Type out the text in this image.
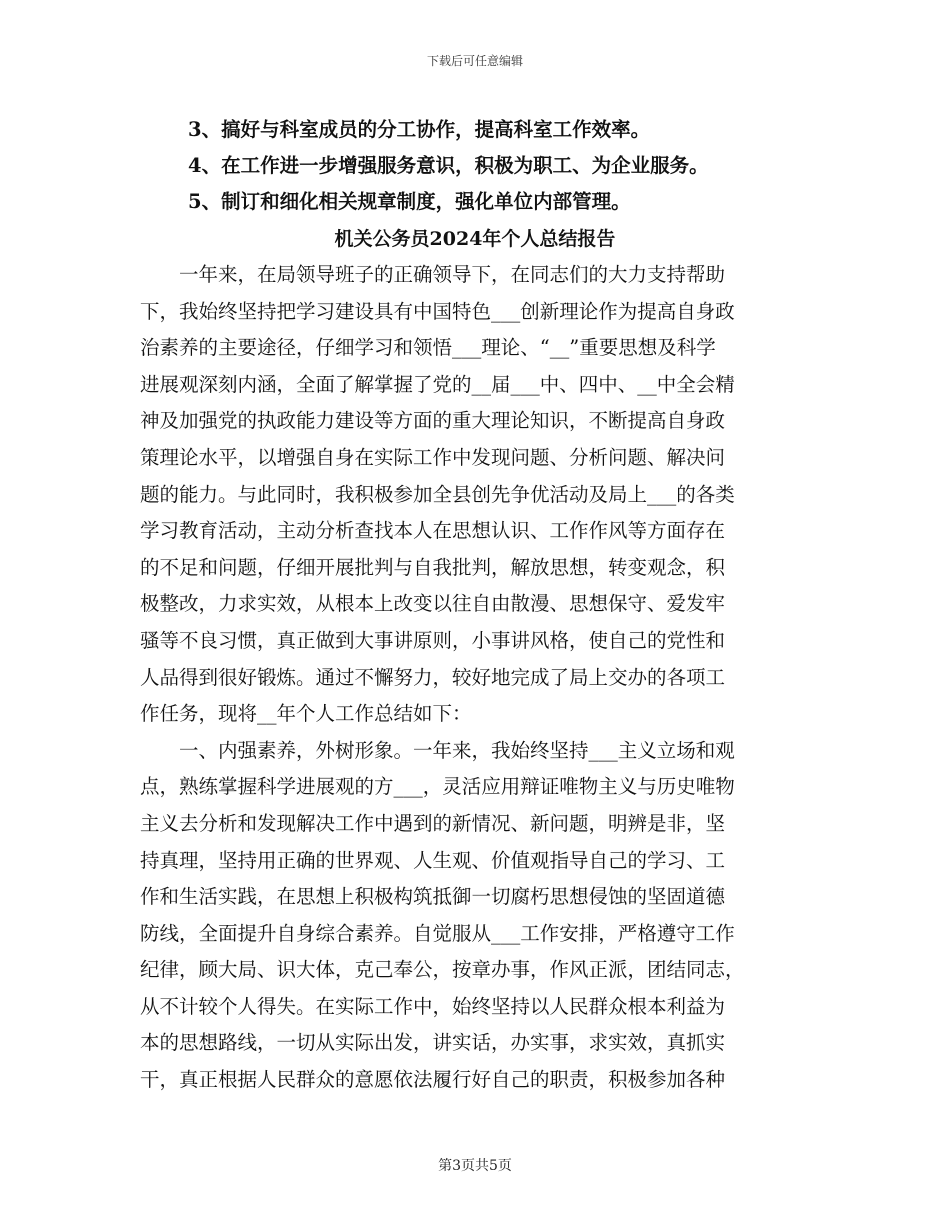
下载后可任意编辑
3、搞好与科室成员的分工协作，提高科室工作效率。
4、在工作进一步增强服务意识，积极为职工、为企业服务。
5、制订和细化相关规章制度，强化单位内部管理。
机关公务员2024年个人总结报告
　　一年来，在局领导班子的正确领导下，在同志们的大力支持帮助
下，我始终坚持把学习建设具有中国特色___创新理论作为提高自身政
治素养的主要途径，仔细学习和领悟___理论、“__”重要思想及科学
进展观深刻内涵，全面了解掌握了党的__届___中、四中、__中全会精
神及加强党的执政能力建设等方面的重大理论知识，不断提高自身政
策理论水平，以增强自身在实际工作中发现问题、分析问题、解决问
题的能力。与此同时，我积极参加全县创先争优活动及局上___的各类
学习教育活动，主动分析查找本人在思想认识、工作作风等方面存在
的不足和问题，仔细开展批判与自我批判，解放思想，转变观念，积
极整改，力求实效，从根本上改变以往自由散漫、思想保守、爱发牢
骚等不良习惯，真正做到大事讲原则，小事讲风格，使自己的党性和
人品得到很好锻炼。通过不懈努力，较好地完成了局上交办的各项工
作任务，现将__年个人工作总结如下：
　　一、内强素养，外树形象。一年来，我始终坚持___主义立场和观
点，熟练掌握科学进展观的方___，灵活应用辩证唯物主义与历史唯物
主义去分析和发现解决工作中遇到的新情况、新问题，明辨是非，坚
持真理，坚持用正确的世界观、人生观、价值观指导自己的学习、工
作和生活实践，在思想上积极构筑抵御一切腐朽思想侵蚀的坚固道德
防线，全面提升自身综合素养。自觉服从___工作安排，严格遵守工作
纪律，顾大局、识大体，克己奉公，按章办事，作风正派，团结同志，
从不计较个人得失。在实际工作中，始终坚持以人民群众根本利益为
本的思想路线，一切从实际出发，讲实话，办实事，求实效，真抓实
干，真正根据人民群众的意愿依法履行好自己的职责，积极参加各种
第3页共5页
